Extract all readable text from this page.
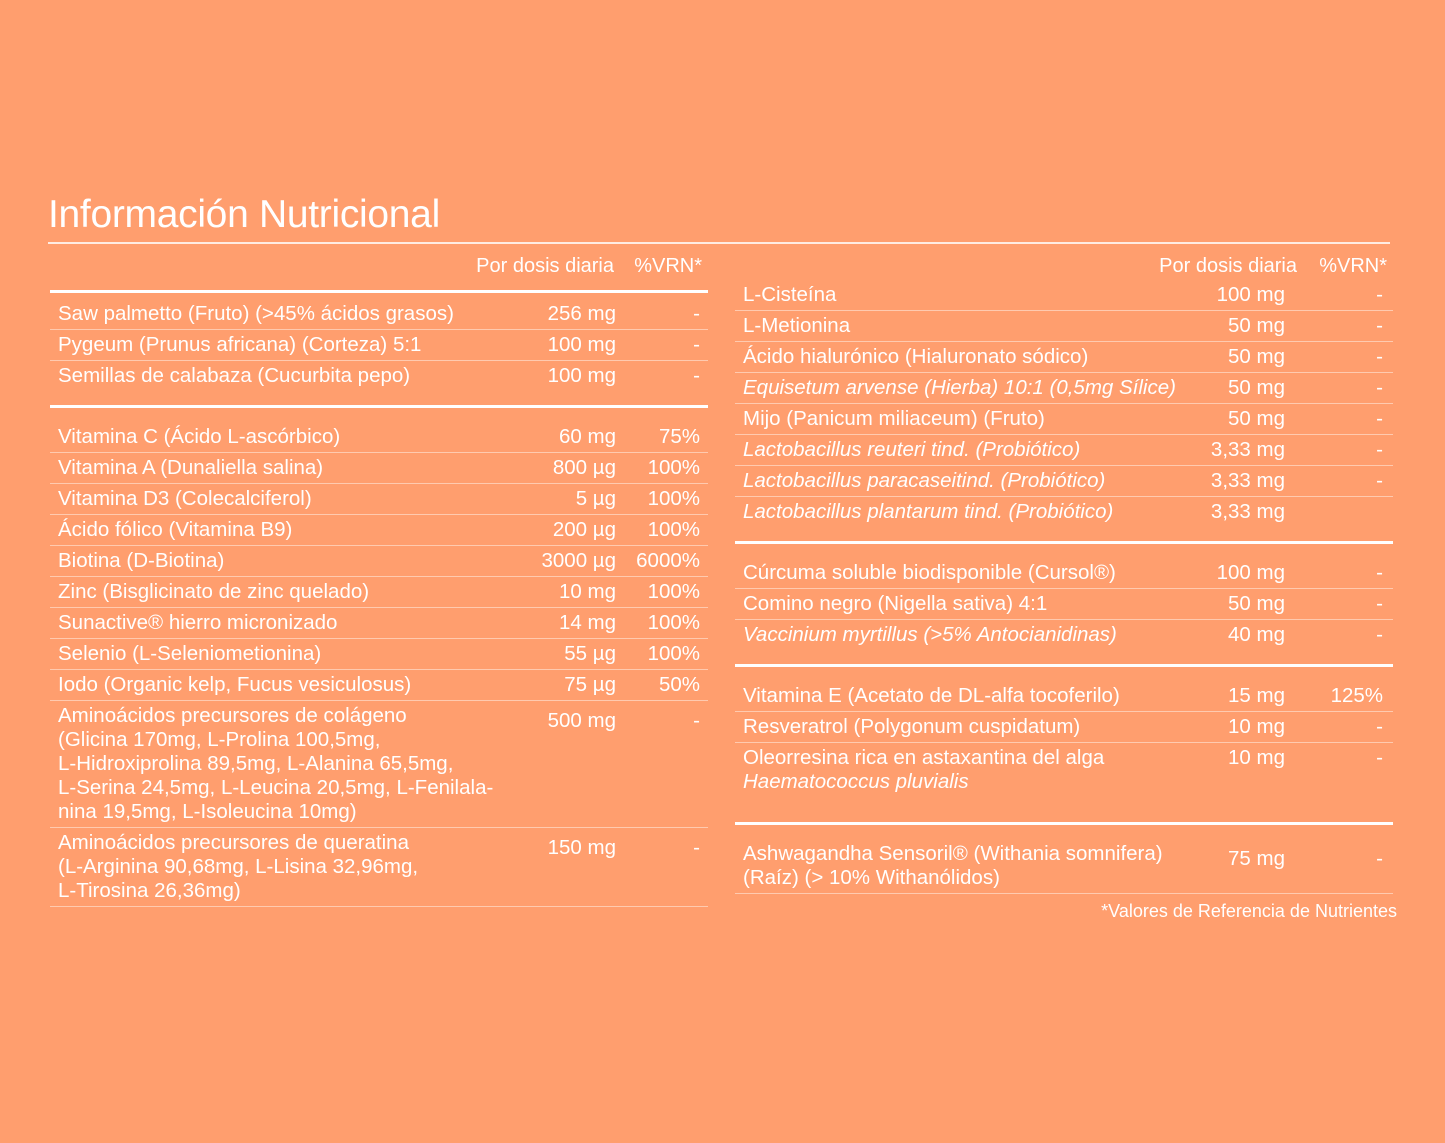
Información Nutricional
Por dosis diaria %VRN*
Saw palmetto (Fruto) (>45% ácidos grasos)	256 mg	-
Pygeum (Prunus africana) (Corteza) 5:1	100 mg	-
Semillas de calabaza (Cucurbita pepo)	100 mg	-
Vitamina C (Ácido L-ascórbico)	60 mg 75%
Vitamina A (Dunaliella salina)	800 µg 100%
Vitamina D3 (Colecalciferol)	5 µg 100%
Ácido fólico (Vitamina B9)	200 µg 100%
Biotina (D-Biotina)	3000 µg 6000%
Zinc (Bisglicinato de zinc quelado)	10 mg 100%
Sunactive® hierro micronizado	14 mg 100%
Selenio (L-Seleniometionina)	55 µg 100%
Iodo (Organic kelp, Fucus vesiculosus)	75 µg 50%
Aminoácidos precursores de colágeno
(Glicina 170mg, L-Prolina 100,5mg,
L-Hidroxiprolina 89,5mg, L-Alanina 65,5mg,
L-Serina 24,5mg, L-Leucina 20,5mg, L-Fenilala-
nina 19,5mg, L-Isoleucina 10mg)
500 mg	-
Aminoácidos precursores de queratina
(L-Arginina 90,68mg, L-Lisina 32,96mg,
L-Tirosina 26,36mg)
150 mg	-
Por dosis diaria %VRN*
L-Cisteína	100 mg	-
L-Metionina	50 mg	-
Ácido hialurónico (Hialuronato sódico)	50 mg	-
Equisetum arvense (Hierba) 10:1 (0,5mg Sílice)	50 mg	-
Mijo (Panicum miliaceum) (Fruto)	50 mg	-
Lactobacillus reuteri tind. (Probiótico)	3,33 mg	-
Lactobacillus paracaseitind. (Probiótico)	3,33 mg	-
Lactobacillus plantarum tind. (Probiótico)	3,33 mg
Cúrcuma soluble biodisponible (Cursol®)	100 mg	-
Comino negro (Nigella sativa) 4:1	50 mg	-
Vaccinium myrtillus (>5% Antocianidinas)	40 mg	-
Vitamina E (Acetato de DL-alfa tocoferilo)	15 mg 125%
Resveratrol (Polygonum cuspidatum)	10 mg	-
Oleorresina rica en astaxantina del alga
Haematococcus pluvialis
10 mg	-
Ashwagandha Sensoril® (Withania somnifera)
(Raíz) (> 10% Withanólidos)
75 mg	-
*Valores de Referencia de Nutrientes
